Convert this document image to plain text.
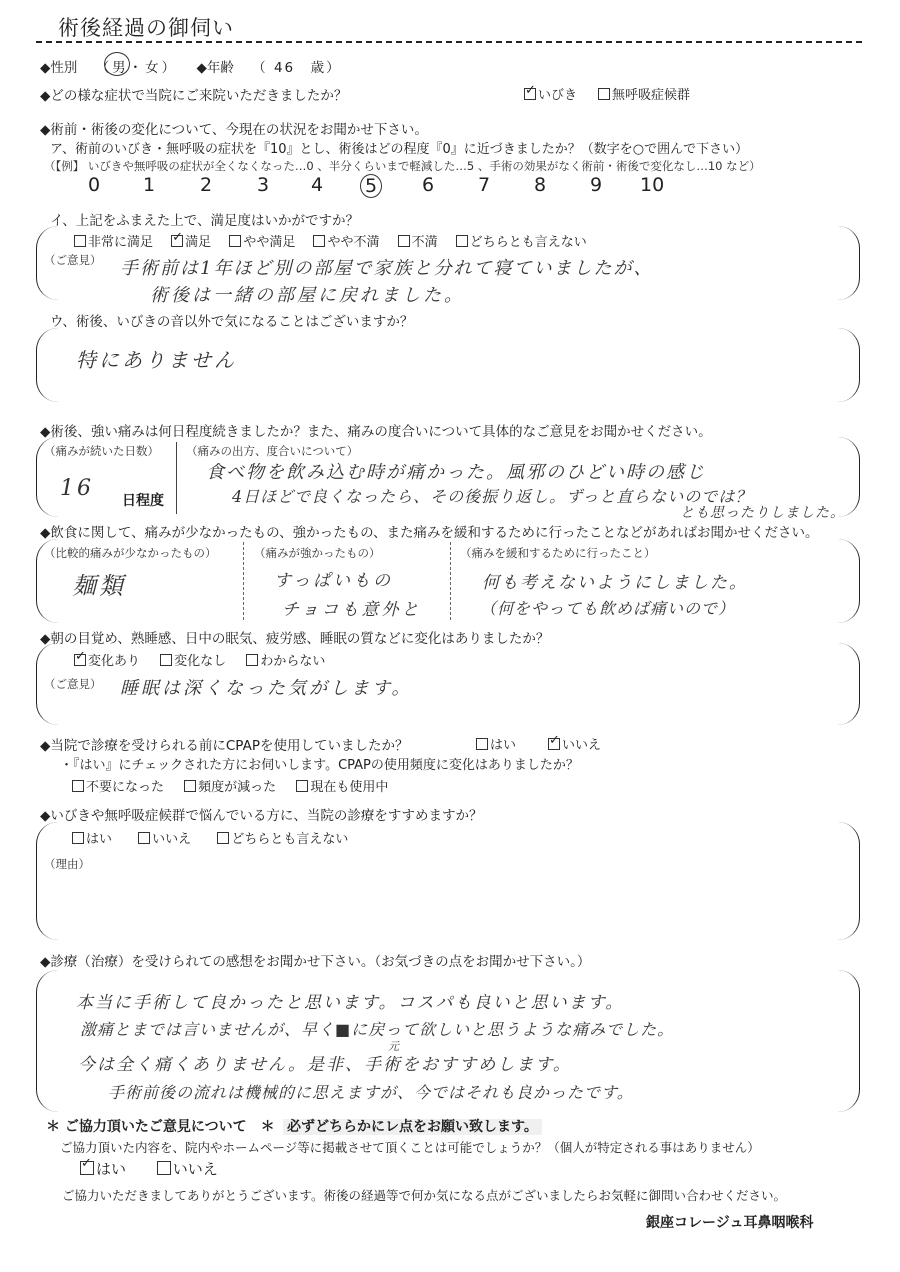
術後経過の御伺い
◆性別 （男・女） ◆年齢 （ 46　歳）
◆どの様な症状で当院にご来院いただきましたか？ ✓	いびき	無呼吸症候群
◆術前・術後の変化について、今現在の状況をお聞かせ下さい。
ア、術前のいびき・無呼吸の症状を『10』とし、術後はどの程度『0』に近づきましたか？（数字を○で囲んで下さい）
（【例】 いびきや無呼吸の症状が全くなくなった…0 、半分くらいまで軽減した…5 、手術の効果がなく術前・術後で変化なし…10 など）
0 1 2 3 4 5 6 7 8 9 10
イ、上記をふまえた上で、満足度はいかがですか？
非常に満足 ✓ 満足 やや満足 やや不満 不満 どちらとも言えない
（ご意見） 手術前は1年ほど別の部屋で家族と分れて寝ていましたが、
術後は一緒の部屋に戻れました。
ウ、術後、いびきの音以外で気になることはございますか？
特にありません
◆術後、強い痛みは何日程度続きましたか？また、痛みの度合いについて具体的なご意見をお聞かせください。
（痛みが続いた日数）
16 日程度
（痛みの出方、度合いについて）
食べ物を飲み込む時が痛かった。風邪のひどい時の感じ
4日ほどで良くなったら、その後振り返し。ずっと直らないのでは？
とも思ったりしました。
◆飲食に関して、痛みが少なかったもの、強かったもの、また痛みを緩和するために行ったことなどがあればお聞かせください。
（比較的痛みが少なかったもの）
麺類
（痛みが強かったもの）
すっぱいもの
チョコも意外と
（痛みを緩和するために行ったこと）
何も考えないようにしました。
（何をやっても飲めば痛いので）
◆朝の目覚め、熟睡感、日中の眠気、疲労感、睡眠の質などに変化はありましたか？
✓変化あり	変化なし	わからない
（ご意見） 睡眠は深くなった気がします。
◆当院で診療を受けられる前にCPAPを使用していましたか？	はい ✓	いいえ
・『はい』にチェックされた方にお伺いします。CPAPの使用頻度に変化はありましたか？
不要になった	頻度が減った	現在も使用中
◆いびきや無呼吸症候群で悩んでいる方に、当院の診療をすすめますか？
はい	いいえ	どちらとも言えない
（理由）
◆診療（治療）を受けられての感想をお聞かせ下さい。（お気づきの点をお聞かせ下さい。）
本当に手術して良かったと思います。コスパも良いと思います。
激痛とまでは言いませんが、早く■に戻って欲しいと思うような痛みでした。
元
今は全く痛くありません。是非、手術をおすすめします。
手術前後の流れは機械的に思えますが、今ではそれも良かったです。
＊ ご協力頂いたご意見について　＊ 必ずどちらかにレ点をお願い致します。
ご協力頂いた内容を、院内やホームページ等に掲載させて頂くことは可能でしょうか？（個人が特定される事はありません）
✓はい	いいえ
ご協力いただきましてありがとうございます。術後の経過等で何か気になる点がございましたらお気軽に御問い合わせください。
銀座コレージュ耳鼻咽喉科
